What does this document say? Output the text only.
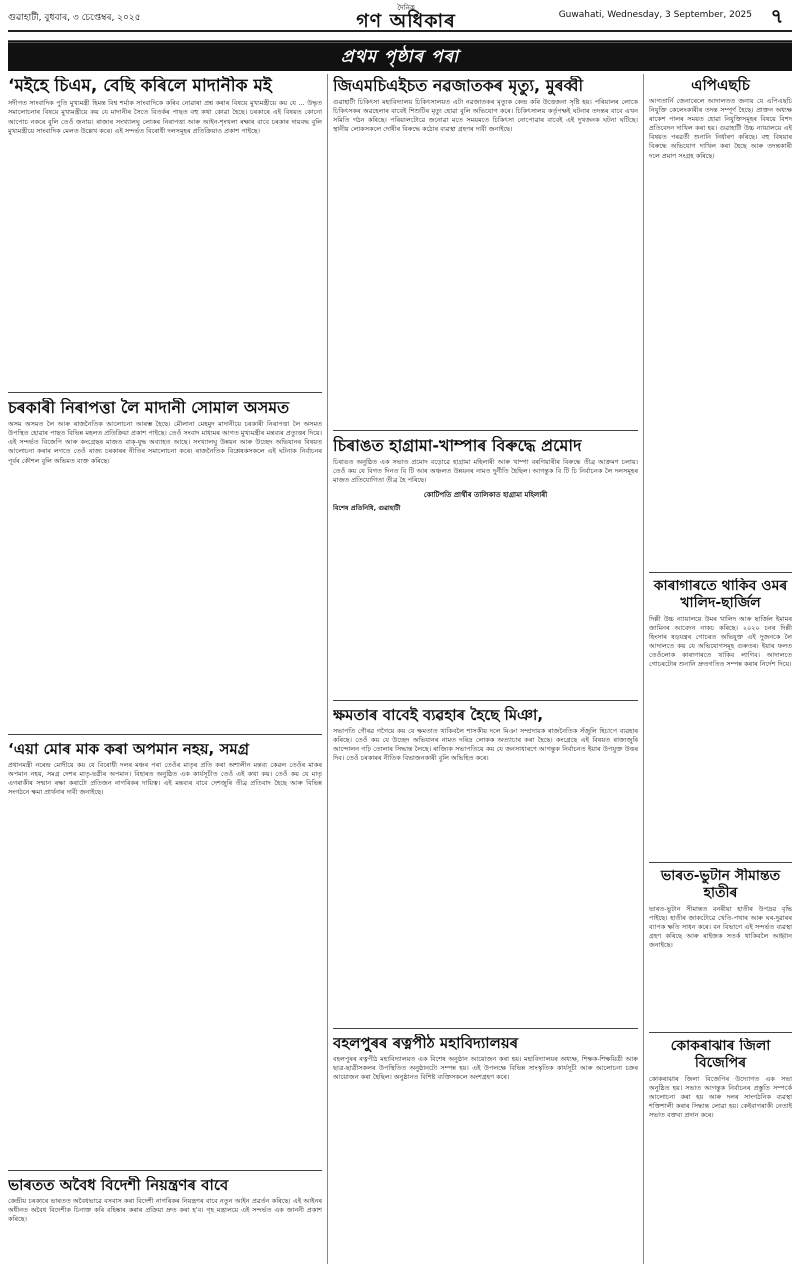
গুৱাহাটী, বুধবাৰ, ৩ চেপ্তেম্বৰ, ২০২৫
দৈনিক
গণ অধিকাৰ	Guwahati, Wednesday, 3 September, 2025 ৭
প্ৰথম পৃষ্ঠাৰ পৰা
‘মইহে চিএম, বেছি কৰিলে মাদানীক মই

সদীপত সাংবাদিক পুতি মুখ্যমন্ত্ৰী হিমন্ত বিশ্ব শৰ্মাক সাংবাদিকে কৰিব নোৱাৰা প্ৰশ্ন কৰাৰ বিষয়ে মুখ্যমন্ত্ৰীয়ে কয় যে ... উদ্ধৃত সমালোচনাৰ বিষয়ে মুখ্যমন্ত্ৰীয়ে কয় যে মাদানীৰ সৈতে বিতৰ্কৰ পাছত বহু কথা কোৱা হৈছে। চৰকাৰে এই বিষয়ত কোনো আপোচ নকৰে বুলি তেওঁ জনায়। ৰাজ্যৰ সংখ্যালঘু লোকৰ নিৰাপত্তা আৰু আইন-শৃংখলা ৰক্ষাৰ বাবে চৰকাৰ দায়বদ্ধ বুলি মুখ্যমন্ত্ৰীয়ে সাংবাদিক মেলত উল্লেখ কৰে। এই সন্দৰ্ভত বিৰোধী দলসমূহৰ প্ৰতিক্ৰিয়াও প্ৰকাশ পাইছে।

চৰকাৰী নিৰাপত্তা লৈ মাদানী সোমাল অসমত

অসম অসমত লৈ আৰু ৰাজনৈতিক আলোচনা আৰম্ভ হৈছে। মৌলানা মেহমুদ মাদানীয়ে চৰকাৰী নিৰাপত্তা লৈ অসমত উপস্থিত হোৱাৰ পাছত বিভিন্ন মহলত প্ৰতিক্ৰিয়া প্ৰকাশ পাইছে। তেওঁ সংবাদ মাধ্যমৰ আগত মুখ্যমন্ত্ৰীৰ মন্তব্যৰ প্ৰত্যুত্তৰ দিয়ে। এই সন্দৰ্ভত বিজেপি আৰু কংগ্ৰেছৰ মাজত বাক্-যুদ্ধ অব্যাহত আছে। সংখ্যালঘু উন্নয়ন আৰু উচ্ছেদ অভিযানৰ বিষয়ত আলোচনা কৰাৰ লগতে তেওঁ ৰাজ্য চৰকাৰৰ নীতিৰ সমালোচনা কৰে। ৰাজনৈতিক বিশ্লেষকসকলে এই ঘটনাক নিৰ্বাচনৰ পূৰ্বৰ কৌশল বুলি অভিমত ব্যক্ত কৰিছে।

‘এয়া মোৰ মাক কৰা অপমান নহয়, সমগ্ৰ

প্ৰধানমন্ত্ৰী নৰেন্দ্ৰ মোদীয়ে কয় যে বিৰোধী দলৰ মঞ্চৰ পৰা তেওঁৰ মাতৃৰ প্ৰতি কৰা অশালীন মন্তব্য কেৱল তেওঁৰ মাকৰ অপমান নহয়, সমগ্ৰ দেশৰ মাতৃ-ভগ্নীৰ অপমান। বিহাৰত অনুষ্ঠিত এক কাৰ্যসূচীত তেওঁ এই কথা কয়। তেওঁ কয় যে মাতৃ এগৰাকীৰ সন্মান ৰক্ষা কৰাটো প্ৰতিজন নাগৰিকৰ দায়িত্ব। এই মন্তব্যৰ বাবে দেশজুৰি তীব্ৰ প্ৰতিবাদ হৈছে আৰু বিভিন্ন সংগঠনে ক্ষমা প্ৰাৰ্থনাৰ দাবী জনাইছে।

ভাৰতত অবৈধ বিদেশী নিয়ন্ত্ৰণৰ বাবে

কেন্দ্ৰীয় চৰকাৰে ভাৰতত অবৈধভাৱে বসবাস কৰা বিদেশী নাগৰিকৰ নিয়ন্ত্ৰণৰ বাবে নতুন আইন প্ৰৱৰ্তন কৰিছে। এই আইনৰ অধীনত অবৈধ বিদেশীক চিনাক্ত কৰি বহিষ্কাৰ কৰাৰ প্ৰক্ৰিয়া দ্ৰুত কৰা হ'ব। গৃহ মন্ত্ৰালয়ে এই সন্দৰ্ভত এক জাননী প্ৰকাশ কৰিছে।

জিএমচিএইচত নৱজাতকৰ মৃত্যু, মুৰব্বী

গুৱাহাটী চিকিৎসা মহাবিদ্যালয় চিকিৎসালয়ত এটা নৱজাতকৰ মৃত্যুক কেন্দ্ৰ কৰি উত্তেজনা সৃষ্টি হয়। পৰিয়ালৰ লোকে চিকিৎসকৰ অৱহেলাৰ বাবেই শিশুটিৰ মৃত্যু হোৱা বুলি অভিযোগ কৰে। চিকিৎসালয় কৰ্তৃপক্ষই ঘটনাৰ তদন্তৰ বাবে এখন সমিতি গঠন কৰিছে। পৰিয়ালটোৱে জনোৱা মতে সময়মতে চিকিৎসা নোপোৱাৰ বাবেই এই দুখজনক ঘটনা ঘটিছে। স্থানীয় লোকসকলে দোষীৰ বিৰুদ্ধে কঠোৰ ব্যৱস্থা গ্ৰহণৰ দাবী জনাইছে।

চিৰাঙত হাগ্ৰামা-খাম্পাৰ বিৰুদ্ধে প্ৰমোদ

চিৰাঙত অনুষ্ঠিত এক সভাত প্ৰমোদ বড়োৱে হাগ্ৰামা মহিলাৰী আৰু খাম্পা বৰগিয়াৰীৰ বিৰুদ্ধে তীব্ৰ আক্ৰমণ চলায়। তেওঁ কয় যে বিগত দিনত বি টি আৰ অঞ্চলত উন্নয়নৰ নামত দুৰ্নীতি হৈছিল। আগন্তুক বি টি চি নিৰ্বাচনক লৈ দলসমূহৰ মাজত প্ৰতিযোগিতা তীব্ৰ হৈ পৰিছে।

কোটিপতি প্ৰাৰ্থীৰ তালিকাত হাগ্ৰামা মহিলাৰী

বিশেষ প্ৰতিনিধি, গুৱাহাটী

ক্ষমতাৰ বাবেই ব্যৱহাৰ হৈছে মিঞা,

সভাপতি গৌৰৱ গগৈয়ে কয় যে ক্ষমতাত থাকিবলৈ শাসকীয় দলে মিঞা সম্প্ৰদায়ক ৰাজনৈতিক সঁজুলি হিচাপে ব্যৱহাৰ কৰিছে। তেওঁ কয় যে উচ্ছেদ অভিযানৰ নামত দৰিদ্ৰ লোকক অত্যাচাৰ কৰা হৈছে। কংগ্ৰেছে এই বিষয়ত ৰাজ্যজুৰি আন্দোলন গঢ়ি তোলাৰ সিদ্ধান্ত লৈছে। ৰাজ্যিক সভাপতিয়ে কয় যে জনসাধাৰণে আগন্তুক নিৰ্বাচনত ইয়াৰ উপযুক্ত উত্তৰ দিব। তেওঁ চৰকাৰৰ নীতিক বিভাজনকাৰী বুলি অভিহিত কৰে।

বহলপুৰৰ ৰত্নপীঠ মহাবিদ্যালয়ৰ

বহলপুৰৰ ৰত্নপীঠ মহাবিদ্যালয়ত এক বিশেষ অনুষ্ঠান আয়োজন কৰা হয়। মহাবিদ্যালয়ৰ অধ্যক্ষ, শিক্ষক-শিক্ষয়িত্ৰী আৰু ছাত্ৰ-ছাত্ৰীসকলৰ উপস্থিতিত অনুষ্ঠানটো সম্পন্ন হয়। এই উপলক্ষে বিভিন্ন সাংস্কৃতিক কাৰ্যসূচী আৰু আলোচনা চক্ৰৰ আয়োজন কৰা হৈছিল। অনুষ্ঠানত বিশিষ্ট ব্যক্তিসকলে অংশগ্ৰহণ কৰে।

এপিএছচি

আগতাৰ্নি জেনাৰেলে আদালতত জনায় যে এপিএছচি নিযুক্তি কেলেংকাৰীৰ তদন্ত সম্পূৰ্ণ হৈছে। প্ৰাক্তন অধ্যক্ষ ৰাকেশ পালৰ সময়ত হোৱা নিযুক্তিসমূহৰ বিষয়ে বিশদ প্ৰতিবেদন দাখিল কৰা হয়। গুৱাহাটী উচ্চ ন্যায়ালয়ে এই বিষয়ত পৰৱৰ্তী শুনানি নিৰ্ধাৰণ কৰিছে। বহু বিষয়াৰ বিৰুদ্ধে অভিযোগ দাখিল কৰা হৈছে আৰু তদন্তকাৰী দলে প্ৰমাণ সংগ্ৰহ কৰিছে।

কাৰাগাৰতে থাকিব ওমৰ খালিদ-ছাৰ্জিল

দিল্লী উচ্চ ন্যায়ালয়ে উমৰ খালিদ আৰু ছাৰ্জিল ইমামৰ জামিনৰ আবেদন নাকচ কৰিছে। ২০২০ চনৰ দিল্লী হিংসাৰ ষড়যন্ত্ৰৰ গোচৰত অভিযুক্ত এই দুজনকে লৈ আদালতে কয় যে অভিযোগসমূহ গুৰুতৰ। ইয়াৰ ফলত তেওঁলোক কাৰাগাৰতে থাকিব লাগিব। আদালতে গোচৰটোৰ শুনানি দ্ৰুতগতিত সম্পন্ন কৰাৰ নিৰ্দেশ দিয়ে।

ভাৰত-ভুটান সীমান্তত হাতীৰ

ভাৰত-ভুটান সীমান্তত বনৰীয়া হাতীৰ উপদ্ৰৱ বৃদ্ধি পাইছে। হাতীৰ জাকটোৱে খেতি-পথাৰ আৰু ঘৰ-দুৱাৰৰ ব্যাপক ক্ষতি সাধন কৰে। বন বিভাগে এই সন্দৰ্ভত ব্যৱস্থা গ্ৰহণ কৰিছে আৰু ৰাইজক সতৰ্ক থাকিবলৈ আহ্বান জনাইছে।

কোকৰাঝাৰ জিলা বিজেপিৰ

কোকৰাঝাৰ জিলা বিজেপিৰ উদ্যোগত এক সভা অনুষ্ঠিত হয়। সভাত আগন্তুক নিৰ্বাচনৰ প্ৰস্তুতি সম্পৰ্কে আলোচনা কৰা হয় আৰু দলৰ সাংগঠনিক ব্যৱস্থা শক্তিশালী কৰাৰ সিদ্ধান্ত লোৱা হয়। কেইবাগৰাকী নেতাই সভাত বক্তব্য প্ৰদান কৰে।
